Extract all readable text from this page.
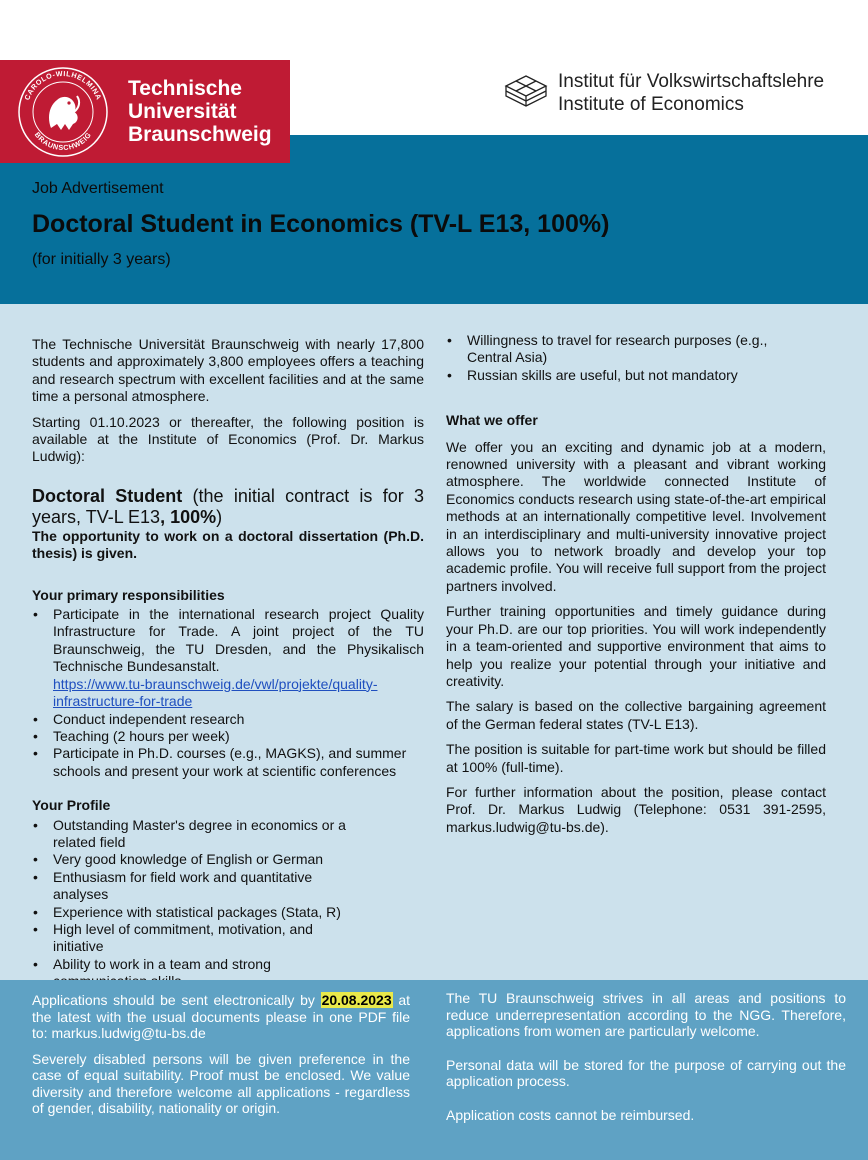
CAROLO-WILHELMINA
BRAUNSCHWEIG
Technische
Universität
Braunschweig
Institut für Volkswirtschaftslehre
Institute of Economics
Job Advertisement
Doctoral Student in Economics (TV-L E13, 100%)
(for initially 3 years)

The Technische Universität Braunschweig with nearly 17,800 students and approximately 3,800 employees offers a teaching and research spectrum with excellent facilities and at the same time a personal atmosphere.

Starting 01.10.2023 or thereafter, the following position is available at the Institute of Economics (Prof. Dr. Markus Ludwig):

Doctoral Student (the initial contract is for 3 years, TV-L E13, 100%)

The opportunity to work on a doctoral dissertation (Ph.D. thesis) is given.

Your primary responsibilities
• Participate in the international research project Quality Infrastructure for Trade. A joint project of the TU Braunschweig, the TU Dresden, and the Physikalisch Technische Bundesanstalt.
https://www.tu-braunschweig.de/vwl/projekte/quality-infrastructure-for-trade
• Conduct independent research
• Teaching (2 hours per week)
• Participate in Ph.D. courses (e.g., MAGKS), and summer schools and present your work at scientific conferences
Your Profile
• Outstanding Master's degree in economics or a related field
• Very good knowledge of English or German
• Enthusiasm for field work and quantitative analyses
• Experience with statistical packages (Stata, R)
• High level of commitment, motivation, and initiative
• Ability to work in a team and strong
• Willingness to travel for research purposes (e.g., Central Asia)
• Russian skills are useful, but not mandatory
What we offer

We offer you an exciting and dynamic job at a modern, renowned university with a pleasant and vibrant working atmosphere. The worldwide connected Institute of Economics conducts research using state-of-the-art empirical methods at an internationally competitive level. Involvement in an interdisciplinary and multi-university innovative project allows you to network broadly and develop your top academic profile. You will receive full support from the project partners involved.

Further training opportunities and timely guidance during your Ph.D. are our top priorities. You will work independently in a team-oriented and supportive environment that aims to help you realize your potential through your initiative and creativity.

The salary is based on the collective bargaining agreement of the German federal states (TV-L E13).

The position is suitable for part-time work but should be filled at 100% (full-time).

For further information about the position, please contact Prof. Dr. Markus Ludwig (Telephone: 0531 391-2595, markus.ludwig@tu-bs.de).

Applications should be sent electronically by 20.08.2023 at the latest with the usual documents please in one PDF file to: markus.ludwig@tu-bs.de

Severely disabled persons will be given preference in the case of equal suitability. Proof must be enclosed. We value diversity and therefore welcome all applications - regardless of gender, disability, nationality or origin.

The TU Braunschweig strives in all areas and positions to reduce underrepresentation according to the NGG. Therefore, applications from women are particularly welcome.

Personal data will be stored for the purpose of carrying out the application process.

Application costs cannot be reimbursed.
